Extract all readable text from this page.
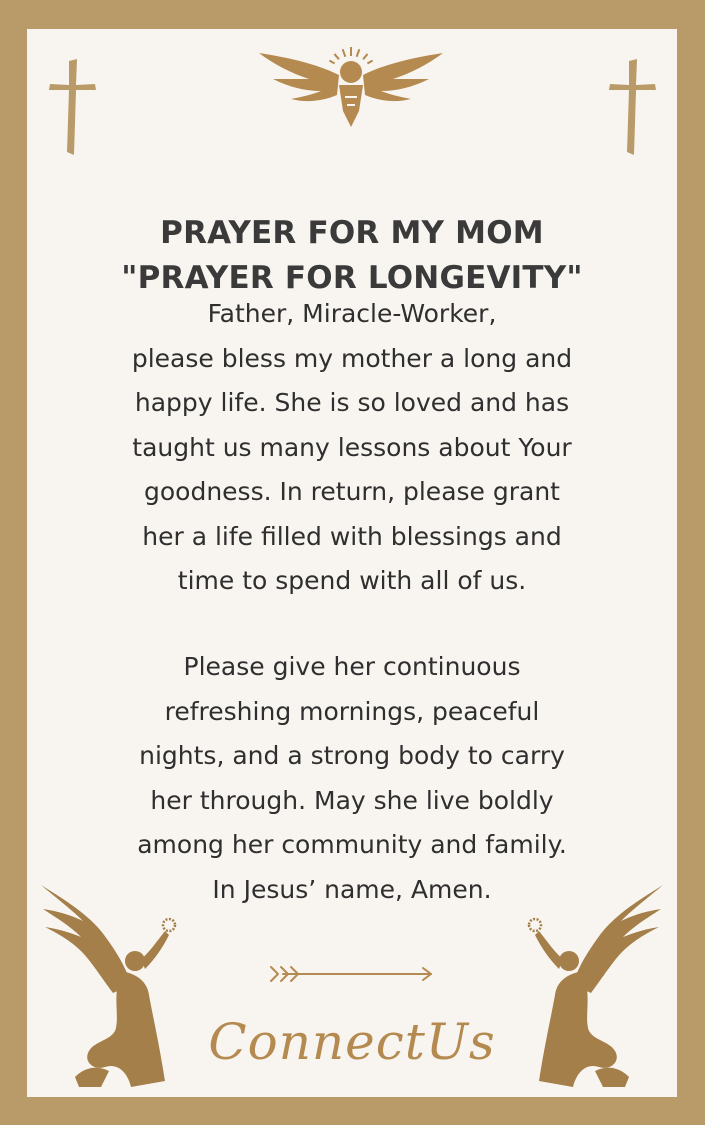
PRAYER FOR MY MOM
"PRAYER FOR LONGEVITY"
Father, Miracle-Worker,
please bless my mother a long and
happy life. She is so loved and has
taught us many lessons about Your
goodness. In return, please grant
her a life filled with blessings and
time to spend with all of us.
Please give her continuous
refreshing mornings, peaceful
nights, and a strong body to carry
her through. May she live boldly
among her community and family.
In Jesus’ name, Amen.
ConnectUs
